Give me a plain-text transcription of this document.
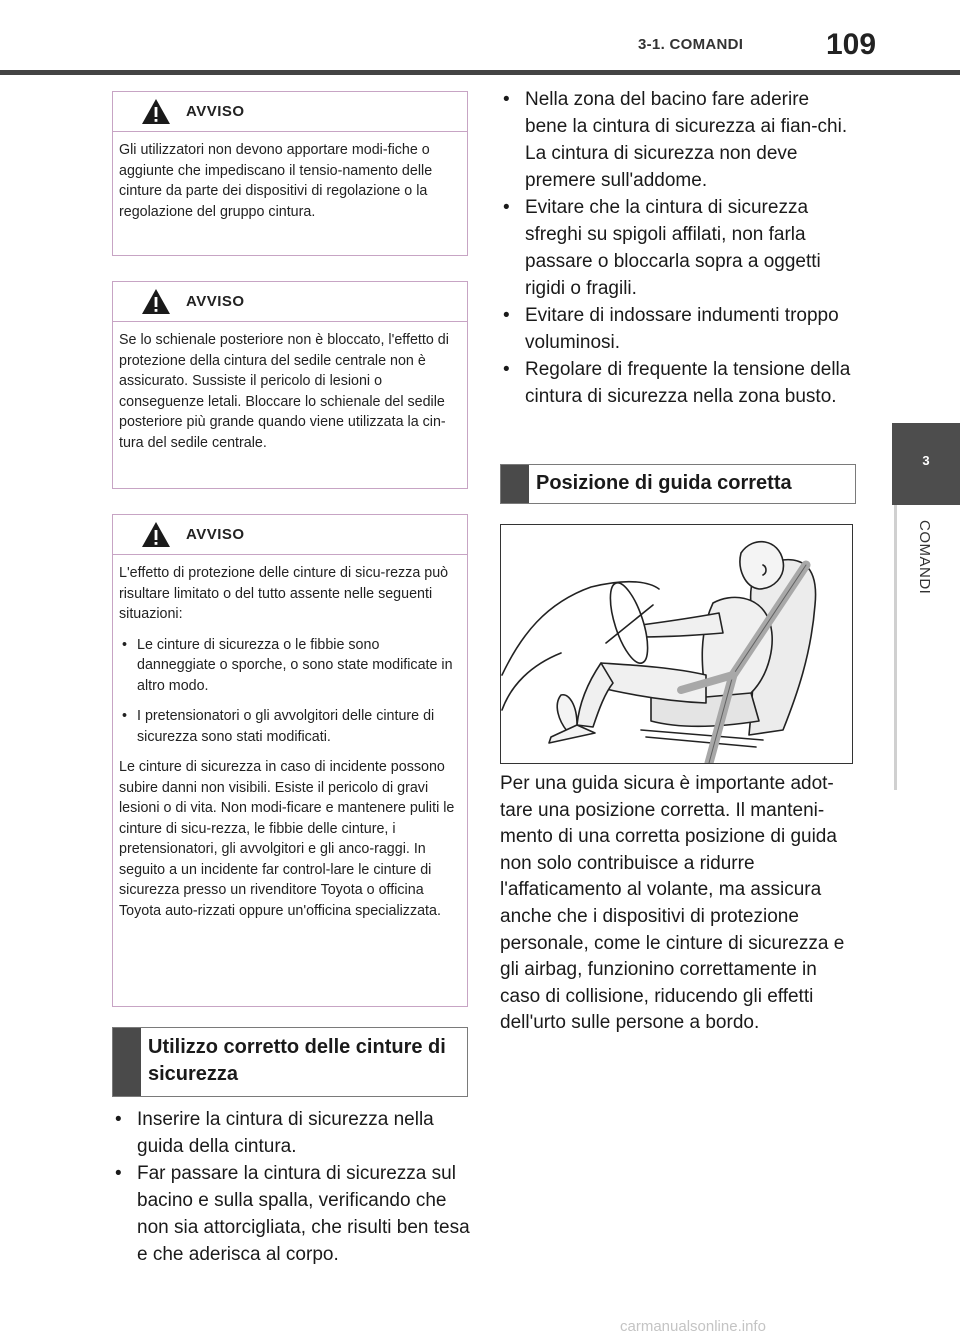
3-1. COMANDI	109
3
COMANDI
AVVISO

Gli utilizzatori non devono apportare modi-fiche o aggiunte che impediscano il tensio-namento delle cinture da parte dei dispositivi di regolazione o la regolazione del gruppo cintura.

AVVISO

Se lo schienale posteriore non è bloccato, l'effetto di protezione della cintura del sedile centrale non è assicurato. Sussiste il pericolo di lesioni o conseguenze letali. Bloccare lo schienale del sedile posteriore più grande quando viene utilizzata la cin-tura del sedile centrale.

AVVISO

L'effetto di protezione delle cinture di sicu-rezza può risultare limitato o del tutto assente nelle seguenti situazioni:

• Le cinture di sicurezza o le fibbie sono danneggiate o sporche, o sono state modificate in altro modo.
• I pretensionatori o gli avvolgitori delle cinture di sicurezza sono stati modificati.

Le cinture di sicurezza in caso di incidente possono subire danni non visibili. Esiste il pericolo di gravi lesioni o di vita. Non modi-ficare e mantenere puliti le cinture di sicu-rezza, le fibbie delle cinture, i pretensionatori, gli avvolgitori e gli anco-raggi. In seguito a un incidente far control-lare le cinture di sicurezza presso un rivenditore Toyota o officina Toyota auto-rizzati oppure un'officina specializzata.

Utilizzo corretto delle cinture di sicurezza
• Inserire la cintura di sicurezza nella guida della cintura.
• Far passare la cintura di sicurezza sul bacino e sulla spalla, verificando che non sia attorcigliata, che risulti ben tesa e che aderisca al corpo.
• Nella zona del bacino fare aderire bene la cintura di sicurezza ai fian-chi. La cintura di sicurezza non deve premere sull'addome.
• Evitare che la cintura di sicurezza sfreghi su spigoli affilati, non farla passare o bloccarla sopra a oggetti rigidi o fragili.
• Evitare di indossare indumenti troppo voluminosi.
• Regolare di frequente la tensione della cintura di sicurezza nella zona busto.
Posizione di guida corretta
Per una guida sicura è importante adot-tare una posizione corretta. Il manteni-mento di una corretta posizione di guida non solo contribuisce a ridurre l'affaticamento al volante, ma assicura anche che i dispositivi di protezione personale, come le cinture di sicurezza e gli airbag, funzionino correttamente in caso di collisione, riducendo gli effetti dell'urto sulle persone a bordo.
carmanualsonline.info
